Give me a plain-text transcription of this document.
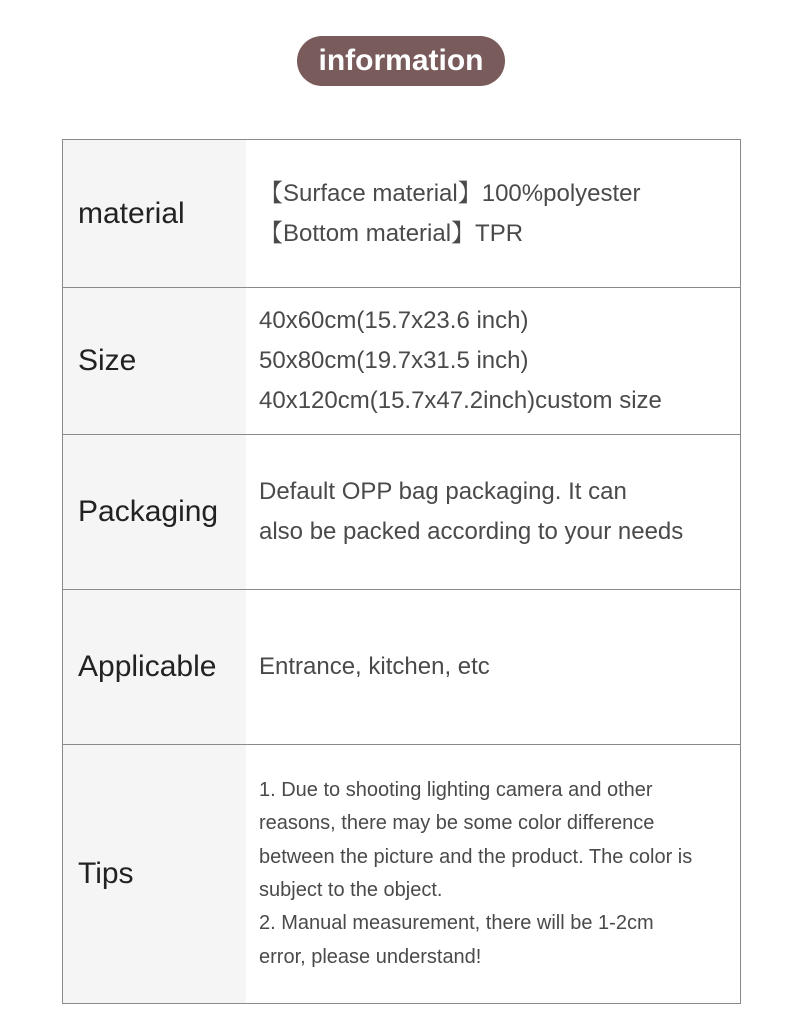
information
material
【Surface material】100%polyester
【Bottom material】TPR
Size
40x60cm(15.7x23.6 inch)
50x80cm(19.7x31.5 inch)
40x120cm(15.7x47.2inch)custom size
Packaging
Default OPP bag packaging. It can
also be packed according to your needs
Applicable	Entrance, kitchen, etc
Tips
1. Due to shooting lighting camera and other
reasons, there may be some color difference
between the picture and the product. The color is
subject to the object.
2. Manual measurement, there will be 1-2cm
error, please understand!
